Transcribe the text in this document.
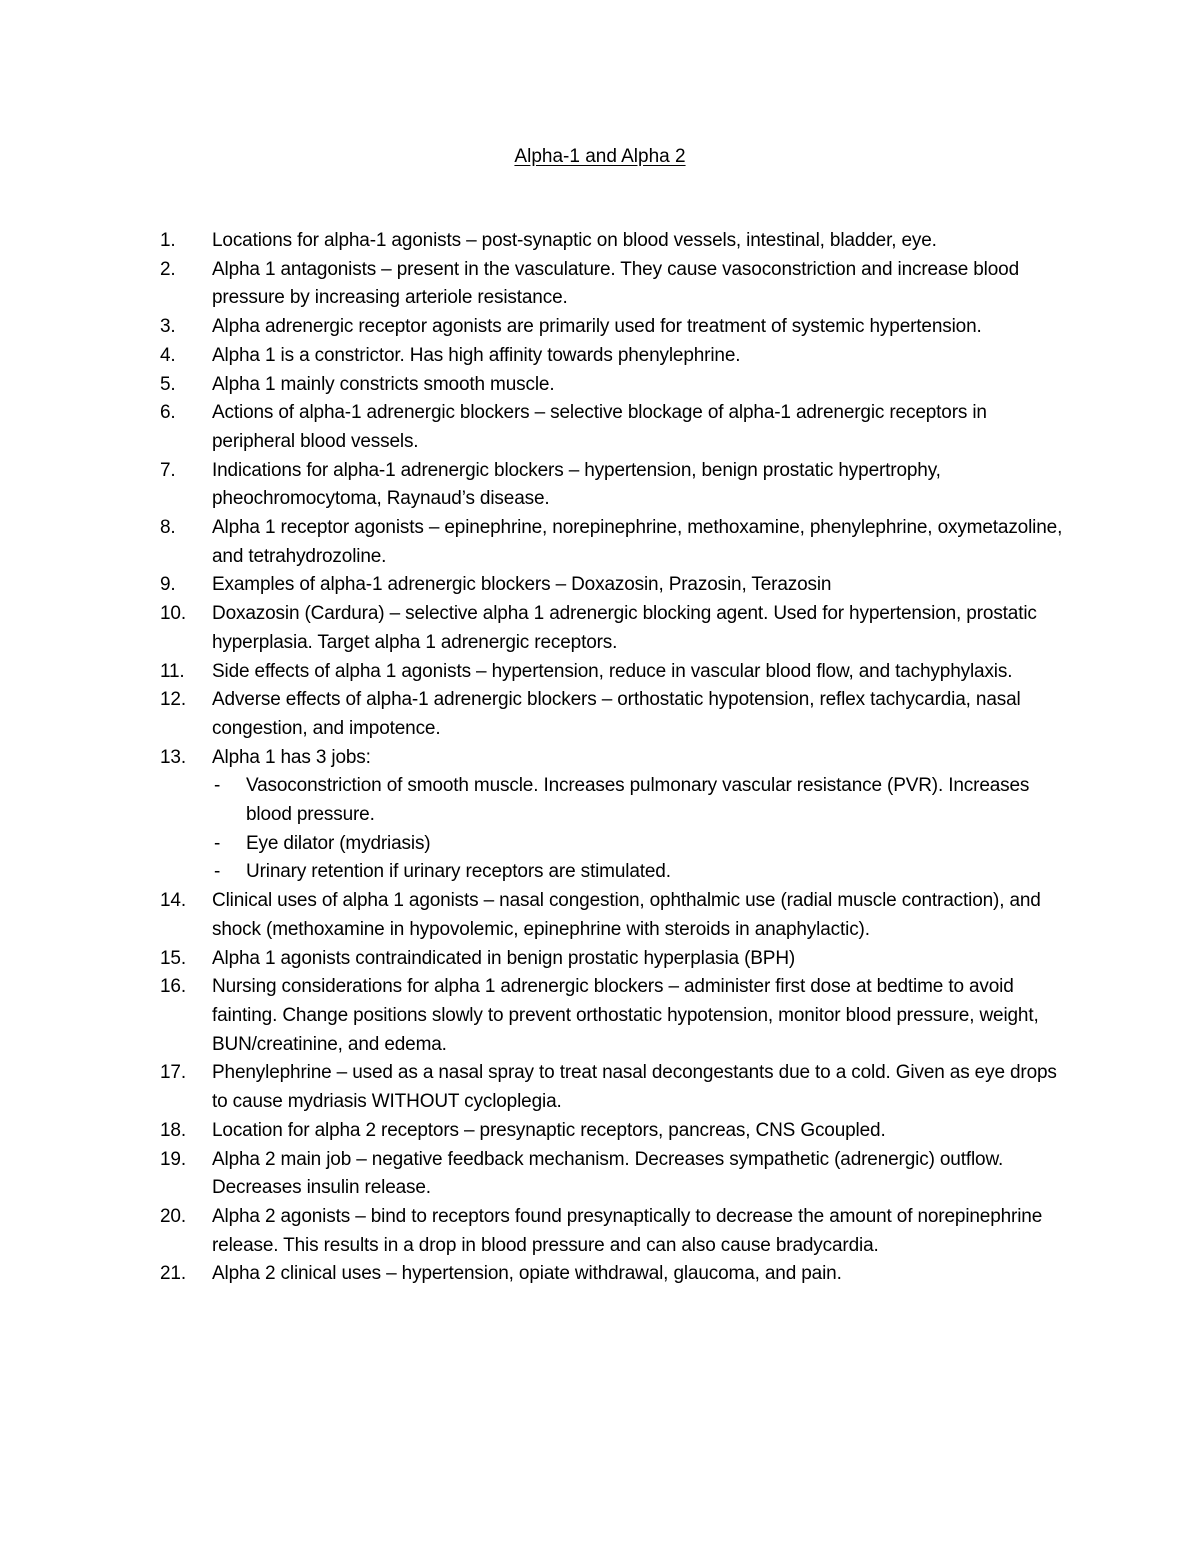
Alpha-1 and Alpha 2
1.	Locations for alpha-1 agonists – post-synaptic on blood vessels, intestinal, bladder, eye.
2.	Alpha 1 antagonists – present in the vasculature. They cause vasoconstriction and increase blood pressure by increasing arteriole resistance.
3.	Alpha adrenergic receptor agonists are primarily used for treatment of systemic hypertension.
4.	Alpha 1 is a constrictor. Has high affinity towards phenylephrine.
5.	Alpha 1 mainly constricts smooth muscle.
6.	Actions of alpha-1 adrenergic blockers – selective blockage of alpha-1 adrenergic receptors in peripheral blood vessels.
7.	Indications for alpha-1 adrenergic blockers – hypertension, benign prostatic hypertrophy, pheochromocytoma, Raynaud’s disease.
8.	Alpha 1 receptor agonists – epinephrine, norepinephrine, methoxamine, phenylephrine, oxymetazoline, and tetrahydrozoline.
9.	Examples of alpha-1 adrenergic blockers – Doxazosin, Prazosin, Terazosin
10.	Doxazosin (Cardura) – selective alpha 1 adrenergic blocking agent. Used for hypertension, prostatic hyperplasia. Target alpha 1 adrenergic receptors.
11.	Side effects of alpha 1 agonists – hypertension, reduce in vascular blood flow, and tachyphylaxis.
12.	Adverse effects of alpha-1 adrenergic blockers – orthostatic hypotension, reflex tachycardia, nasal congestion, and impotence.
13.	Alpha 1 has 3 jobs:
- Vasoconstriction of smooth muscle. Increases pulmonary vascular resistance (PVR). Increases blood pressure.
- Eye dilator (mydriasis)
- Urinary retention if urinary receptors are stimulated.
14.	Clinical uses of alpha 1 agonists – nasal congestion, ophthalmic use (radial muscle contraction), and shock (methoxamine in hypovolemic, epinephrine with steroids in anaphylactic).
15.	Alpha 1 agonists contraindicated in benign prostatic hyperplasia (BPH)
16.	Nursing considerations for alpha 1 adrenergic blockers – administer first dose at bedtime to avoid fainting. Change positions slowly to prevent orthostatic hypotension, monitor blood pressure, weight, BUN/creatinine, and edema.
17.	Phenylephrine – used as a nasal spray to treat nasal decongestants due to a cold. Given as eye drops to cause mydriasis WITHOUT cycloplegia.
18.	Location for alpha 2 receptors – presynaptic receptors, pancreas, CNS Gcoupled.
19.	Alpha 2 main job – negative feedback mechanism. Decreases sympathetic (adrenergic) outflow. Decreases insulin release.
20.	Alpha 2 agonists – bind to receptors found presynaptically to decrease the amount of norepinephrine release. This results in a drop in blood pressure and can also cause bradycardia.
21.	Alpha 2 clinical uses – hypertension, opiate withdrawal, glaucoma, and pain.
